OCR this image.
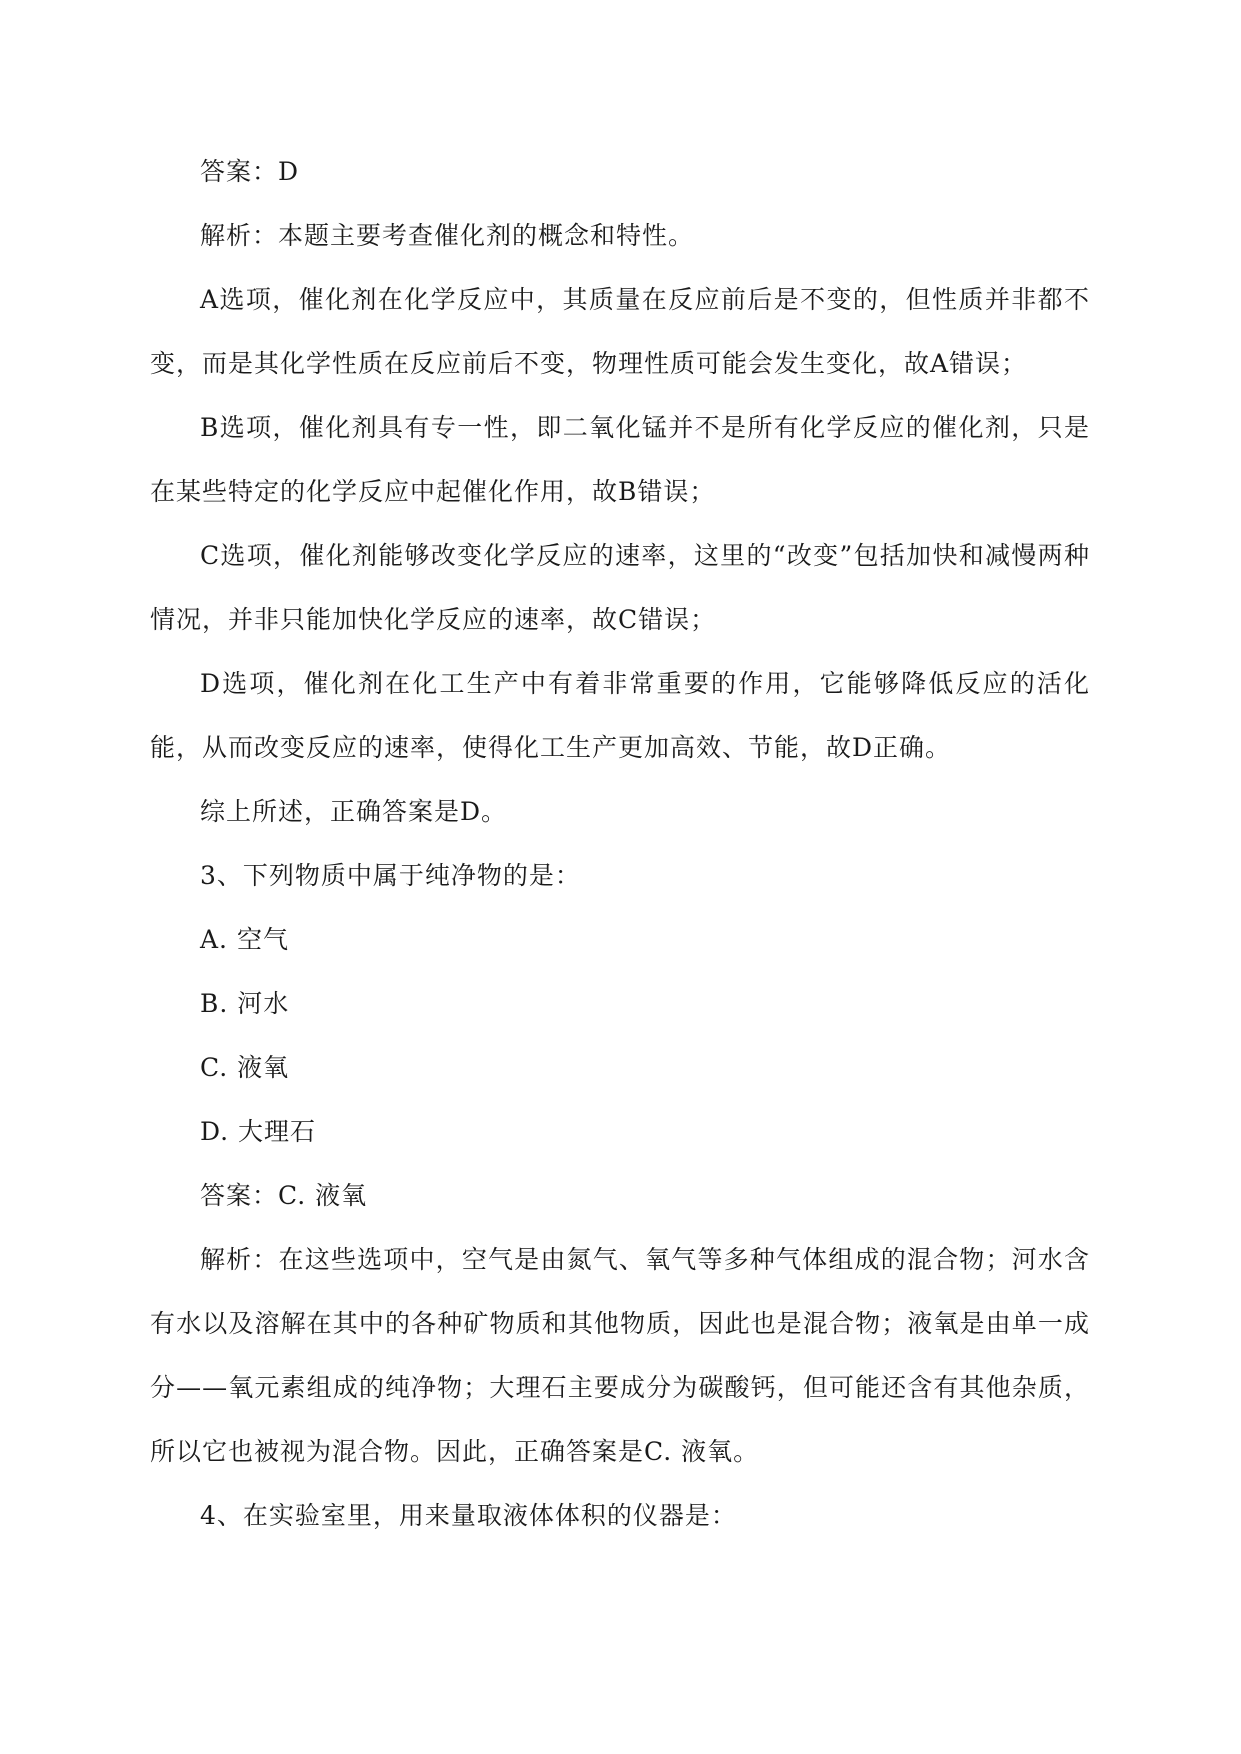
答案：D

解析：本题主要考查催化剂的概念和特性。

A选项，催化剂在化学反应中，其质量在反应前后是不变的，但性质并非都不变，而是其化学性质在反应前后不变，物理性质可能会发生变化，故A错误；

B选项，催化剂具有专一性，即二氧化锰并不是所有化学反应的催化剂，只是在某些特定的化学反应中起催化作用，故B错误；

C选项，催化剂能够改变化学反应的速率，这里的“改变”包括加快和减慢两种情况，并非只能加快化学反应的速率，故C错误；

D选项，催化剂在化工生产中有着非常重要的作用，它能够降低反应的活化能，从而改变反应的速率，使得化工生产更加高效、节能，故D正确。

综上所述，正确答案是D。

3、下列物质中属于纯净物的是：

A. 空气

B. 河水

C. 液氧

D. 大理石

答案：C. 液氧

解析：在这些选项中，空气是由氮气、氧气等多种气体组成的混合物；河水含有水以及溶解在其中的各种矿物质和其他物质，因此也是混合物；液氧是由单一成分——氧元素组成的纯净物；大理石主要成分为碳酸钙，但可能还含有其他杂质，所以它也被视为混合物。因此，正确答案是C. 液氧。

4、在实验室里，用来量取液体体积的仪器是：
